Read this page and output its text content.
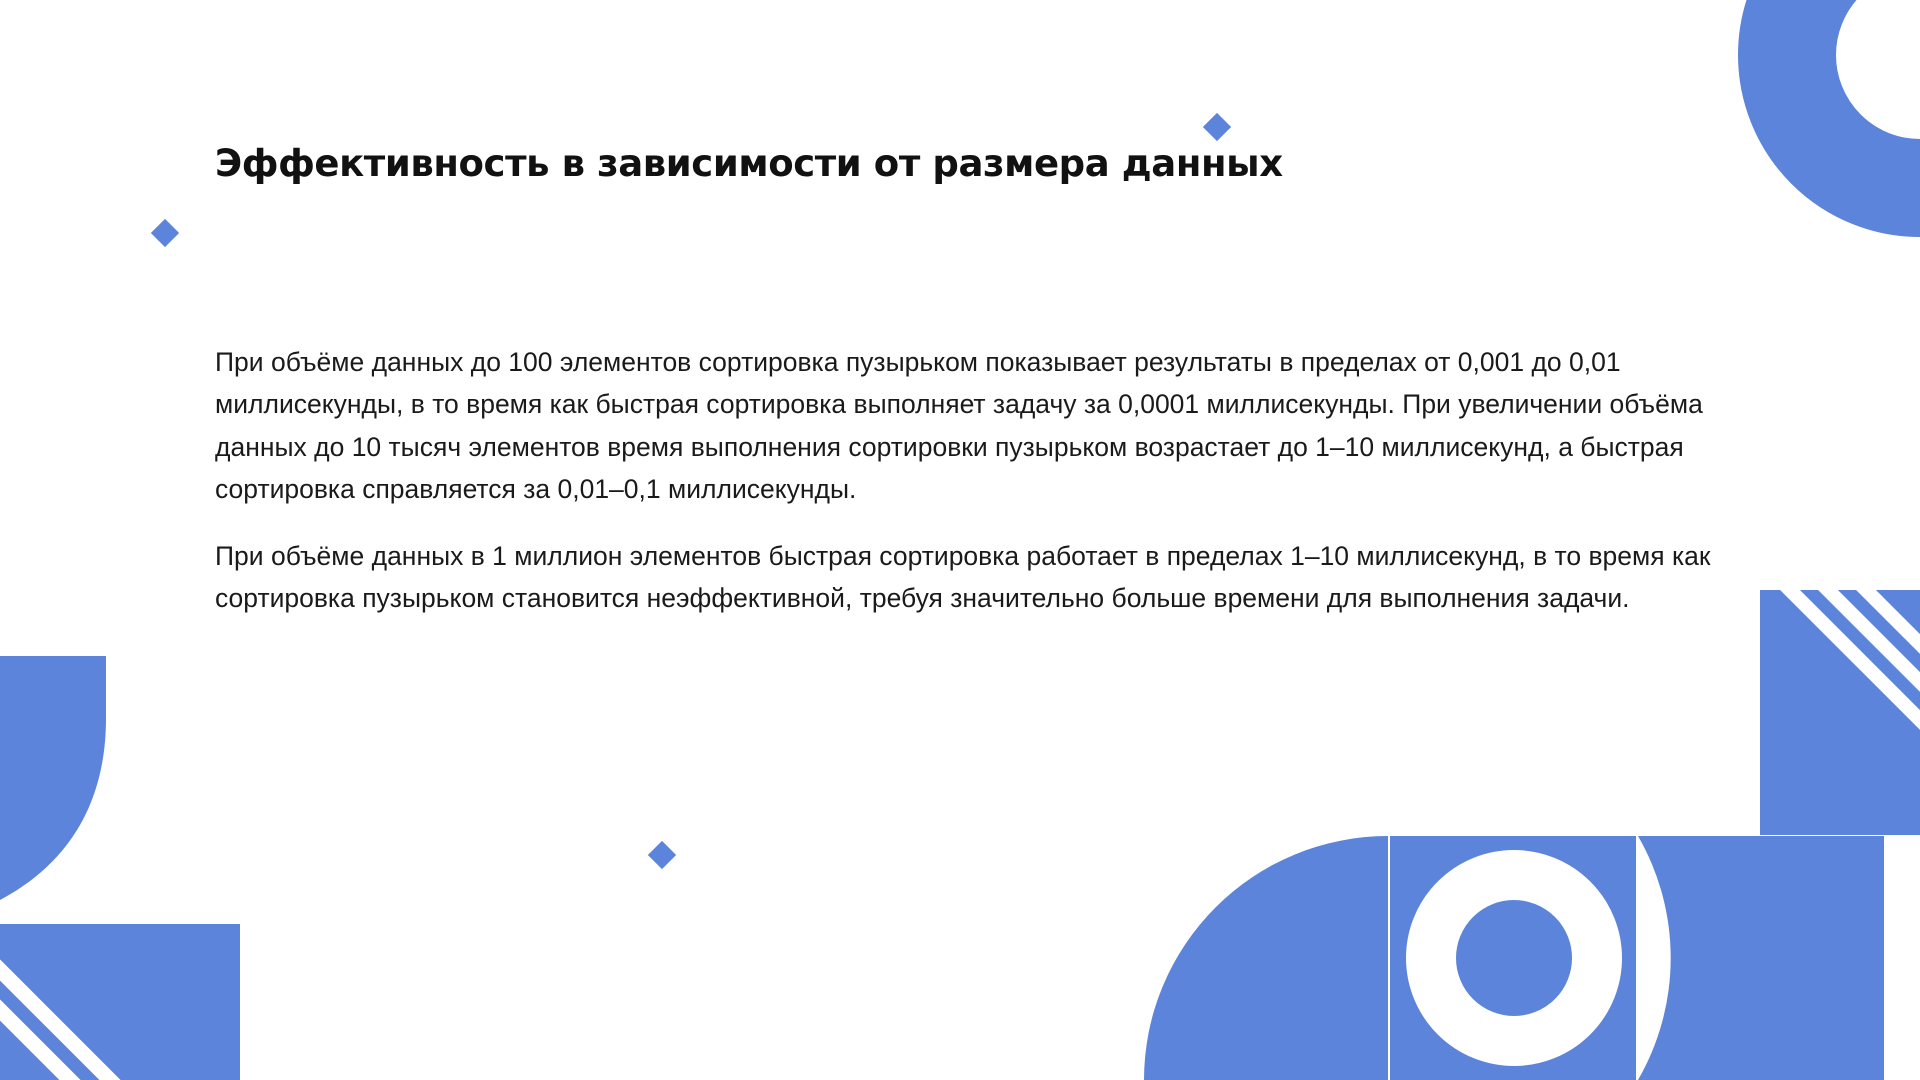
Эффективность в зависимости от размера данных

При объёме данных до 100 элементов сортировка пузырьком показывает результаты в пределах от 0,001 до 0,01 миллисекунды, в то время как быстрая сортировка выполняет задачу за 0,0001 миллисекунды. При увеличении объёма данных до 10 тысяч элементов время выполнения сортировки пузырьком возрастает до 1–10 миллисекунд, а быстрая сортировка справляется за 0,01–0,1 миллисекунды.

При объёме данных в 1 миллион элементов быстрая сортировка работает в пределах 1–10 миллисекунд, в то время как сортировка пузырьком становится неэффективной, требуя значительно больше времени для выполнения задачи.
